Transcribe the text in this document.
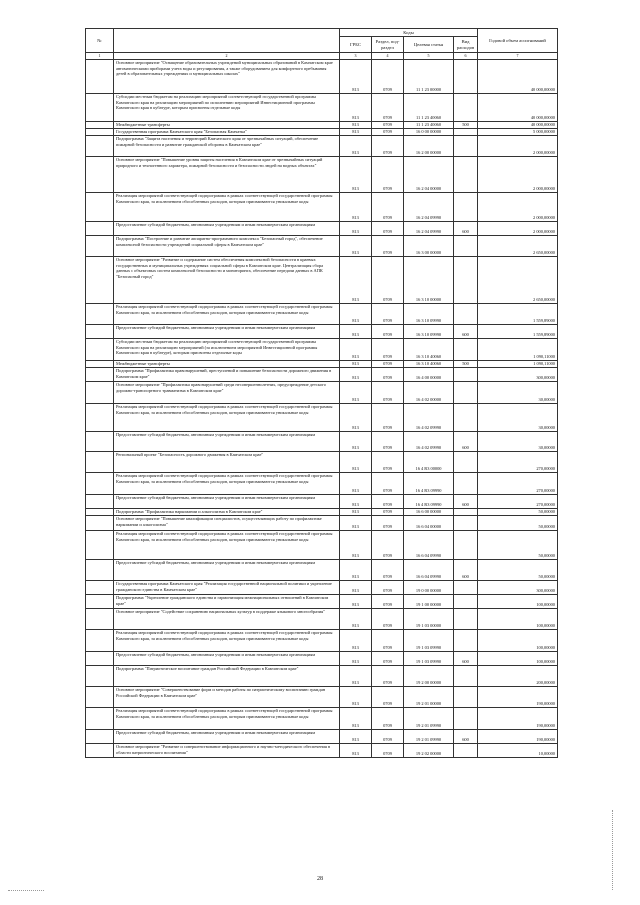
№		Коды				Годовой объем ассигнований
		ГРБС	Раздел, под-раздел	Целевая статья	Вид расходов	
1	2	3	4	5	6	7
	Основное мероприятие "Оснащение образовательных учреждений муниципальных образований в Камчатском крае автоматическими приборами учета воды и регулирования, а также оборудованием для комфортного пребывания детей в образовательных учреждениях и муниципальных школах"	813	0709	11 1 23 00000		40 000,00000
	Субсидии местным бюджетам на реализацию мероприятий соответствующей государственной программы Камчатского края на реализацию мероприятий по исполнению мероприятий Инвестиционной программы Камчатского края в кубатуре, которым присвоены отдельные коды	813	0709	11 1 23 40060		40 000,00000
	Межбюджетные трансферты	813	0709	11 1 23 40060	500	40 000,00000
	Государственная программа Камчатского края "Безопасная Камчатка"	813	0709	16 0 00 00000		5 000,00000
	Подпрограмма "Защита населения и территорий Камчатского края от чрезвычайных ситуаций, обеспечение пожарной безопасности и развитие гражданской обороны в Камчатском крае"	813	0709	16 2 00 00000		2 000,00000
	Основное мероприятие "Повышение уровня защиты населения в Камчатском крае от чрезвычайных ситуаций природного и техногенного характера, пожарной безопасности и безопасности людей на водных объектах"	813	0709	16 2 04 00000		2 000,00000
	Реализация мероприятий соответствующей подпрограммы в рамках соответствующей государственной программы Камчатского края, за исключением обособленных расходов, которым присваиваются уникальные коды	813	0709	16 2 04 09990		2 000,00000
	Предоставление субсидий бюджетным, автономным учреждениям и иным некоммерческим организациям	813	0709	16 2 04 09990	600	2 000,00000
	Подпрограмма "Построение и развитие аппаратно-программного комплекса "Безопасный город", обеспечение комплексной безопасности учреждений социальной сферы в Камчатском крае"	813	0709	16 3 00 00000		2 650,00000
	Основное мероприятие "Развитие и содержание систем обеспечения комплексной безопасности в краевых государственных и муниципальных учреждениях социальной сферы в Камчатском крае. Централизация сбора данных с объектовых систем комплексной безопасности и мониторинга, обеспечение передачи данных в АПК "Безопасный город"	813	0709	16 3 10 00000		2 650,00000
	Реализация мероприятий соответствующей подпрограммы в рамках соответствующей государственной программы Камчатского края, за исключением обособленных расходов, которым присваиваются уникальные коды	813	0709	16 3 10 09990		1 559,89000
	Предоставление субсидий бюджетным, автономным учреждениям и иным некоммерческим организациям	813	0709	16 3 10 09990	600	1 559,89000
	Субсидии местным бюджетам на реализацию мероприятий соответствующей государственной программы Камчатского края на реализацию мероприятий (за исключением мероприятий Инвестиционной программы Камчатского края в кубатуре), которым присвоены отдельные коды	813	0709	16 3 10 40060		1 090,11000
	Межбюджетные трансферты	813	0709	16 3 10 40060	500	1 090,11000
	Подпрограмма "Профилактика правонарушений, преступлений и повышение безопасности дорожного движения в Камчатском крае"	813	0709	16 4 00 00000		300,00000
	Основное мероприятие "Профилактика правонарушений среди несовершеннолетних, предупреждение детского дорожно-транспортного травматизма в Камчатском крае"	813	0709	16 4 02 00000		30,00000
	Реализация мероприятий соответствующей подпрограммы в рамках соответствующей государственной программы Камчатского края, за исключением обособленных расходов, которым присваиваются уникальные коды	813	0709	16 4 02 09990		30,00000
	Предоставление субсидий бюджетным, автономным учреждениям и иным некоммерческим организациям	813	0709	16 4 02 09990	600	30,00000
	Региональный проект "Безопасность дорожного движения в Камчатском крае"	813	0709	16 4 R3 00000		270,00000
	Реализация мероприятий соответствующей подпрограммы в рамках соответствующей государственной программы Камчатского края, за исключением обособленных расходов, которым присваиваются уникальные коды	813	0709	16 4 R3 09990		270,00000
	Предоставление субсидий бюджетным, автономным учреждениям и иным некоммерческим организациям	813	0709	16 4 R3 09990	600	270,00000
	Подпрограмма "Профилактика наркомании и алкоголизма в Камчатском крае"	813	0709	16 6 00 00000		50,00000
	Основное мероприятие "Повышение квалификации специалистов, осуществляющих работу по профилактике наркомании и алкоголизма"	813	0709	16 6 04 00000		50,00000
	Реализация мероприятий соответствующей подпрограммы в рамках соответствующей государственной программы Камчатского края, за исключением обособленных расходов, которым присваиваются уникальные коды	813	0709	16 6 04 09990		50,00000
	Предоставление субсидий бюджетным, автономным учреждениям и иным некоммерческим организациям	813	0709	16 6 04 09990	600	50,00000
	Государственная программа Камчатского края "Реализация государственной национальной политики и укрепление гражданского единства в Камчатском крае"	813	0709	19 0 00 00000		300,00000
	Подпрограмма "Укрепление гражданского единства и гармонизация межнациональных отношений в Камчатском крае"	813	0709	19 1 00 00000		100,00000
	Основное мероприятие "Содействие сохранению национальных культур в поддержке языкового многообразия"	813	0709	19 1 03 00000		100,00000
	Реализация мероприятий соответствующей подпрограммы в рамках соответствующей государственной программы Камчатского края, за исключением обособленных расходов, которым присваиваются уникальные коды	813	0709	19 1 03 09990		100,00000
	Предоставление субсидий бюджетным, автономным учреждениям и иным некоммерческим организациям	813	0709	19 1 03 09990	600	100,00000
	Подпрограмма "Патриотическое воспитание граждан Российской Федерации в Камчатском крае"	813	0709	19 2 00 00000		200,00000
	Основное мероприятие "Совершенствование форм и методов работы по патриотическому воспитанию граждан Российской Федерации в Камчатском крае"	813	0709	19 2 01 00000		190,00000
	Реализация мероприятий соответствующей подпрограммы в рамках соответствующей государственной программы Камчатского края, за исключением обособленных расходов, которым присваиваются уникальные коды	813	0709	19 2 01 09990		190,00000
	Предоставление субсидий бюджетным, автономным учреждениям и иным некоммерческим организациям	813	0709	19 2 01 09990	600	190,00000
	Основное мероприятие "Развитие и совершенствование информационного и научно-методического обеспечения в области патриотического воспитания"	813	0709	19 2 02 00000		10,00000
28
